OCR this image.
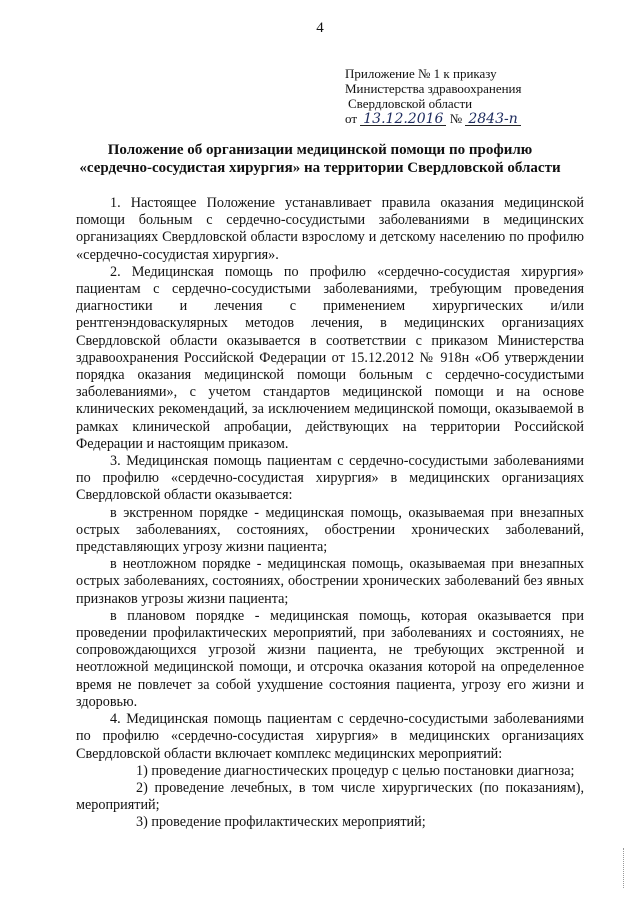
4
Приложение № 1 к приказу
Министерства здравоохранения
Свердловской области
от 13.12.2016 № 2843-п
Положение об организации медицинской помощи по профилю
«сердечно-сосудистая хирургия» на территории Свердловской области

1. Настоящее Положение устанавливает правила оказания медицинской помощи больным с сердечно-сосудистыми заболеваниями в медицинских организациях Свердловской области взрослому и детскому населению по профилю «сердечно-сосудистая хирургия».

2. Медицинская помощь по профилю «сердечно-сосудистая хирургия» пациентам с сердечно-сосудистыми заболеваниями, требующим проведения диагностики и лечения с применением хирургических и/или рентгенэндоваскулярных методов лечения, в медицинских организациях Свердловской области оказывается в соответствии с приказом Министерства здравоохранения Российской Федерации от 15.12.2012 № 918н «Об утверждении порядка оказания медицинской помощи больным с сердечно-сосудистыми заболеваниями», с учетом стандартов медицинской помощи и на основе клинических рекомендаций, за исключением медицинской помощи, оказываемой в рамках клинической апробации, действующих на территории Российской Федерации и настоящим приказом.

3. Медицинская помощь пациентам с сердечно-сосудистыми заболеваниями по профилю «сердечно-сосудистая хирургия» в медицинских организациях Свердловской области оказывается:

в экстренном порядке - медицинская помощь, оказываемая при внезапных острых заболеваниях, состояниях, обострении хронических заболеваний, представляющих угрозу жизни пациента;

в неотложном порядке - медицинская помощь, оказываемая при внезапных острых заболеваниях, состояниях, обострении хронических заболеваний без явных признаков угрозы жизни пациента;

в плановом порядке - медицинская помощь, которая оказывается при проведении профилактических мероприятий, при заболеваниях и состояниях, не сопровождающихся угрозой жизни пациента, не требующих экстренной и неотложной медицинской помощи, и отсрочка оказания которой на определенное время не повлечет за собой ухудшение состояния пациента, угрозу его жизни и здоровью.

4. Медицинская помощь пациентам с сердечно-сосудистыми заболеваниями по профилю «сердечно-сосудистая хирургия» в медицинских организациях Свердловской области включает комплекс медицинских мероприятий:

1) проведение диагностических процедур с целью постановки диагноза;

2) проведение лечебных, в том числе хирургических (по показаниям), мероприятий;

3) проведение профилактических мероприятий;
